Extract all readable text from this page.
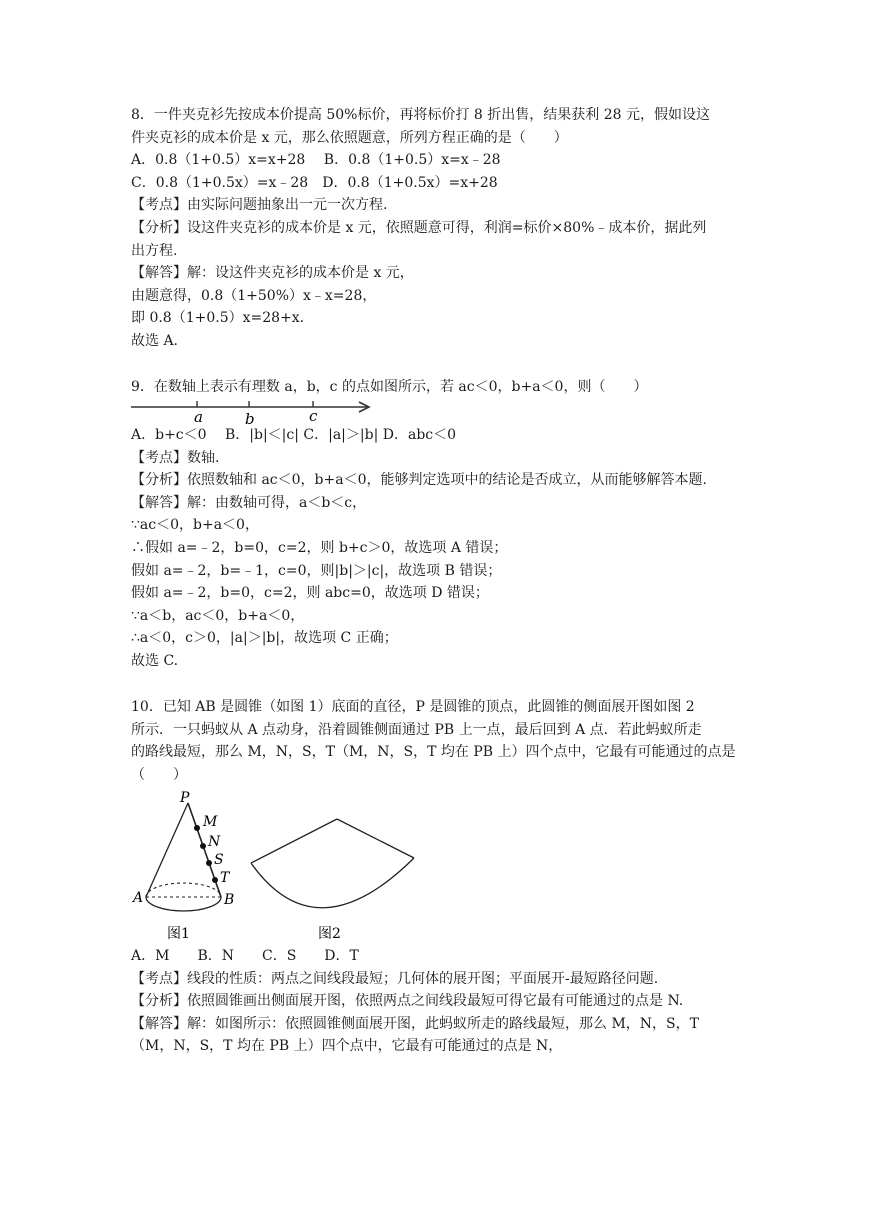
8．一件夹克衫先按成本价提高 50%标价，再将标价打 8 折出售，结果获利 28 元，假如设这
件夹克衫的成本价是 x 元，那么依照题意，所列方程正确的是（　　）
A．0.8（1+0.5）x=x+28　 B．0.8（1+0.5）x=x﹣28
C．0.8（1+0.5x）=x﹣28　D．0.8（1+0.5x）=x+28
【考点】由实际问题抽象出一元一次方程.
【分析】设这件夹克衫的成本价是 x 元，依照题意可得，利润=标价×80%﹣成本价，据此列
出方程.
【解答】解：设这件夹克衫的成本价是 x 元，
由题意得，0.8（1+50%）x﹣x=28，
即 0.8（1+0.5）x=28+x.
故选 A.
9．在数轴上表示有理数 a，b，c 的点如图所示，若 ac＜0，b+a＜0，则（　　）
a	b	c
A．b+c＜0　 B．|b|＜|c| C．|a|＞|b| D．abc＜0
【考点】数轴.
【分析】依照数轴和 ac＜0，b+a＜0，能够判定选项中的结论是否成立，从而能够解答本题.
【解答】解：由数轴可得，a＜b＜c，
∵ac＜0，b+a＜0，
∴假如 a=﹣2，b=0，c=2，则 b+c＞0，故选项 A 错误；
假如 a=﹣2，b=﹣1，c=0，则|b|＞|c|，故选项 B 错误；
假如 a=﹣2，b=0，c=2，则 abc=0，故选项 D 错误；
∵a＜b，ac＜0，b+a＜0，
∴a＜0，c＞0，|a|＞|b|，故选项 C 正确；
故选 C.
10．已知 AB 是圆锥（如图 1）底面的直径，P 是圆锥的顶点，此圆锥的侧面展开图如图 2
所示．一只蚂蚁从 A 点动身，沿着圆锥侧面通过 PB 上一点，最后回到 A 点．若此蚂蚁所走
的路线最短，那么 M，N，S，T（M，N，S，T 均在 PB 上）四个点中，它最有可能通过的点是
（　　）
P
M
N
S
T
A	B
图1	图2
A．M　　B．N　　C．S　　D．T
【考点】线段的性质：两点之间线段最短；几何体的展开图；平面展开-最短路径问题.
【分析】依照圆锥画出侧面展开图，依照两点之间线段最短可得它最有可能通过的点是 N.
【解答】解：如图所示：依照圆锥侧面展开图，此蚂蚁所走的路线最短，那么 M，N，S，T
（M，N，S，T 均在 PB 上）四个点中，它最有可能通过的点是 N，
